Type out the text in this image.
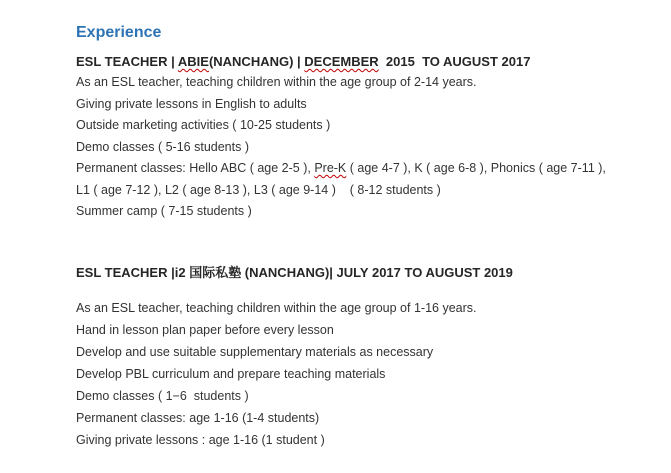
Experience
ESL TEACHER | ABIE(NANCHANG) | DECEMBER  2015  TO AUGUST 2017
As an ESL teacher, teaching children within the age group of 2-14 years.
Giving private lessons in English to adults
Outside marketing activities ( 10-25 students )
Demo classes ( 5-16 students )
Permanent classes: Hello ABC ( age 2-5 ), Pre-K ( age 4-7 ), K ( age 6-8 ), Phonics ( age 7-11 ),
L1 ( age 7-12 ), L2 ( age 8-13 ), L3 ( age 9-14 )    ( 8-12 students )
Summer camp ( 7-15 students )
ESL TEACHER |i2 国际私塾 (NANCHANG)| JULY 2017 TO AUGUST 2019
As an ESL teacher, teaching children within the age group of 1-16 years.
Hand in lesson plan paper before every lesson
Develop and use suitable supplementary materials as necessary
Develop PBL curriculum and prepare teaching materials
Demo classes ( 1−6  students )
Permanent classes: age 1-16 (1-4 students)
Giving private lessons : age 1-16 (1 student )
